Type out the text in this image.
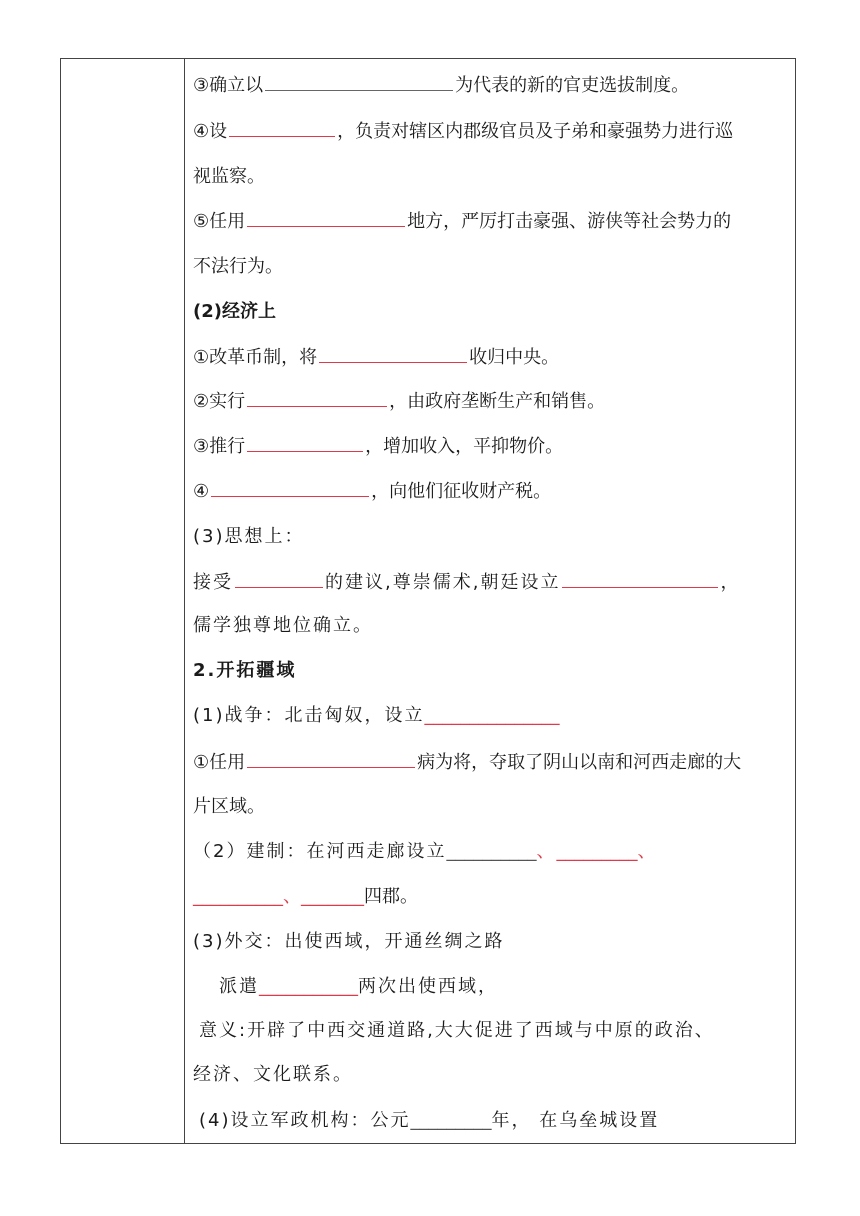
③确立以	为代表的新的官吏选拔制度。
④设	，负责对辖区内郡级官员及子弟和豪强势力进行巡
视监察。
⑤任用	地方，严厉打击豪强、游侠等社会势力的
不法行为。
(2)经济上
①改革币制，将	收归中央。
②实行	，由政府垄断生产和销售。
③推行	，增加收入，平抑物价。
④	，向他们征收财产税。
(3)思想上：
接受	的建议,尊崇儒术,朝廷设立	，
儒学独尊地位确立。
2.开拓疆域
(1)战争：北击匈奴，设立_______________
①任用	病为将，夺取了阴山以南和河西走廊的大
片区域。
（2）建制：在河西走廊设立__________、_________、
__________、_______四郡。
(3)外交：出使西域，开通丝绸之路
派遣___________两次出使西域，
意义:开辟了中西交通道路,大大促进了西域与中原的政治、
经济、文化联系。
(4)设立军政机构：公元_________年， 在乌垒城设置
